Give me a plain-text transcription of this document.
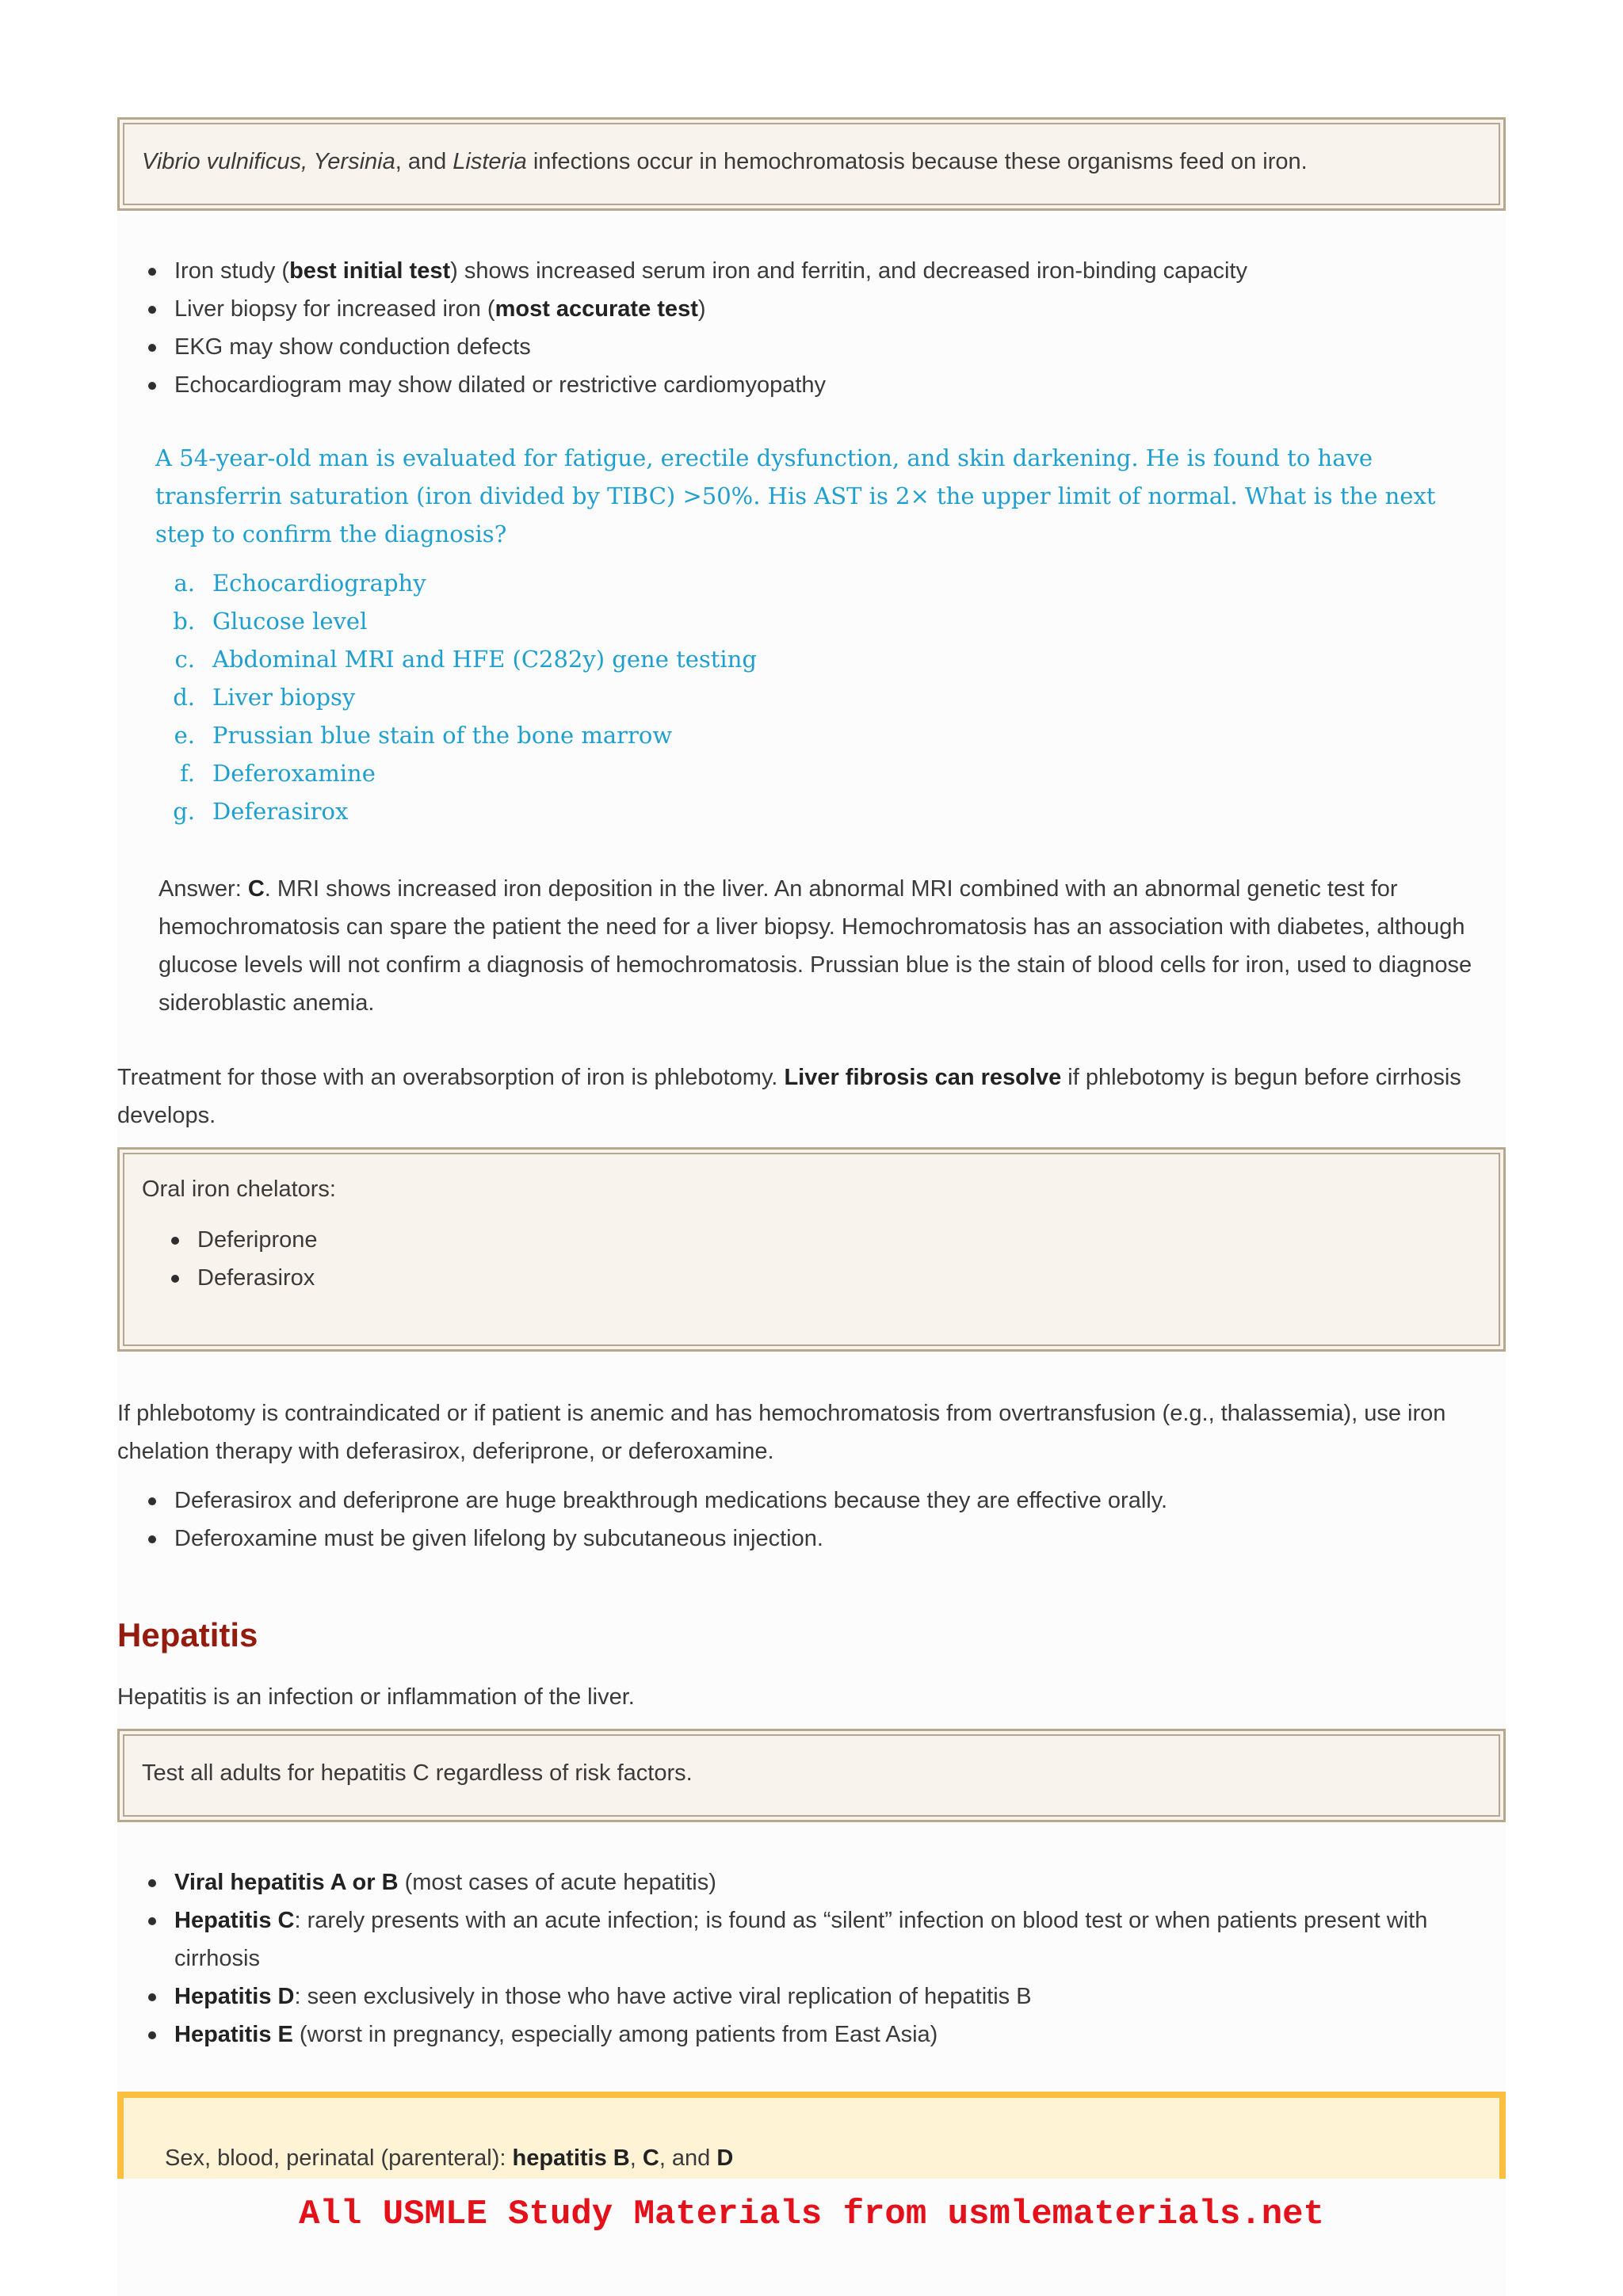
Vibrio vulnificus, Yersinia, and Listeria infections occur in hemochromatosis because these organisms feed on iron.
Iron study (best initial test) shows increased serum iron and ferritin, and decreased iron-binding capacity
Liver biopsy for increased iron (most accurate test)
EKG may show conduction defects
Echocardiogram may show dilated or restrictive cardiomyopathy
A 54-year-old man is evaluated for fatigue, erectile dysfunction, and skin darkening. He is found to have transferrin saturation (iron divided by TIBC) >50%. His AST is 2× the upper limit of normal. What is the next step to confirm the diagnosis?
a. Echocardiography
b. Glucose level
c. Abdominal MRI and HFE (C282y) gene testing
d. Liver biopsy
e. Prussian blue stain of the bone marrow
f. Deferoxamine
g. Deferasirox
Answer: C. MRI shows increased iron deposition in the liver. An abnormal MRI combined with an abnormal genetic test for hemochromatosis can spare the patient the need for a liver biopsy. Hemochromatosis has an association with diabetes, although glucose levels will not confirm a diagnosis of hemochromatosis. Prussian blue is the stain of blood cells for iron, used to diagnose sideroblastic anemia.
Treatment for those with an overabsorption of iron is phlebotomy. Liver fibrosis can resolve if phlebotomy is begun before cirrhosis develops.
Oral iron chelators:
Deferiprone
Deferasirox
If phlebotomy is contraindicated or if patient is anemic and has hemochromatosis from overtransfusion (e.g., thalassemia), use iron chelation therapy with deferasirox, deferiprone, or deferoxamine.
Deferasirox and deferiprone are huge breakthrough medications because they are effective orally.
Deferoxamine must be given lifelong by subcutaneous injection.
Hepatitis
Hepatitis is an infection or inflammation of the liver.
Test all adults for hepatitis C regardless of risk factors.
Viral hepatitis A or B (most cases of acute hepatitis)
Hepatitis C: rarely presents with an acute infection; is found as “silent” infection on blood test or when patients present with cirrhosis
Hepatitis D: seen exclusively in those who have active viral replication of hepatitis B
Hepatitis E (worst in pregnancy, especially among patients from East Asia)
Sex, blood, perinatal (parenteral): hepatitis B, C, and D
All USMLE Study Materials from usmlematerials.net
